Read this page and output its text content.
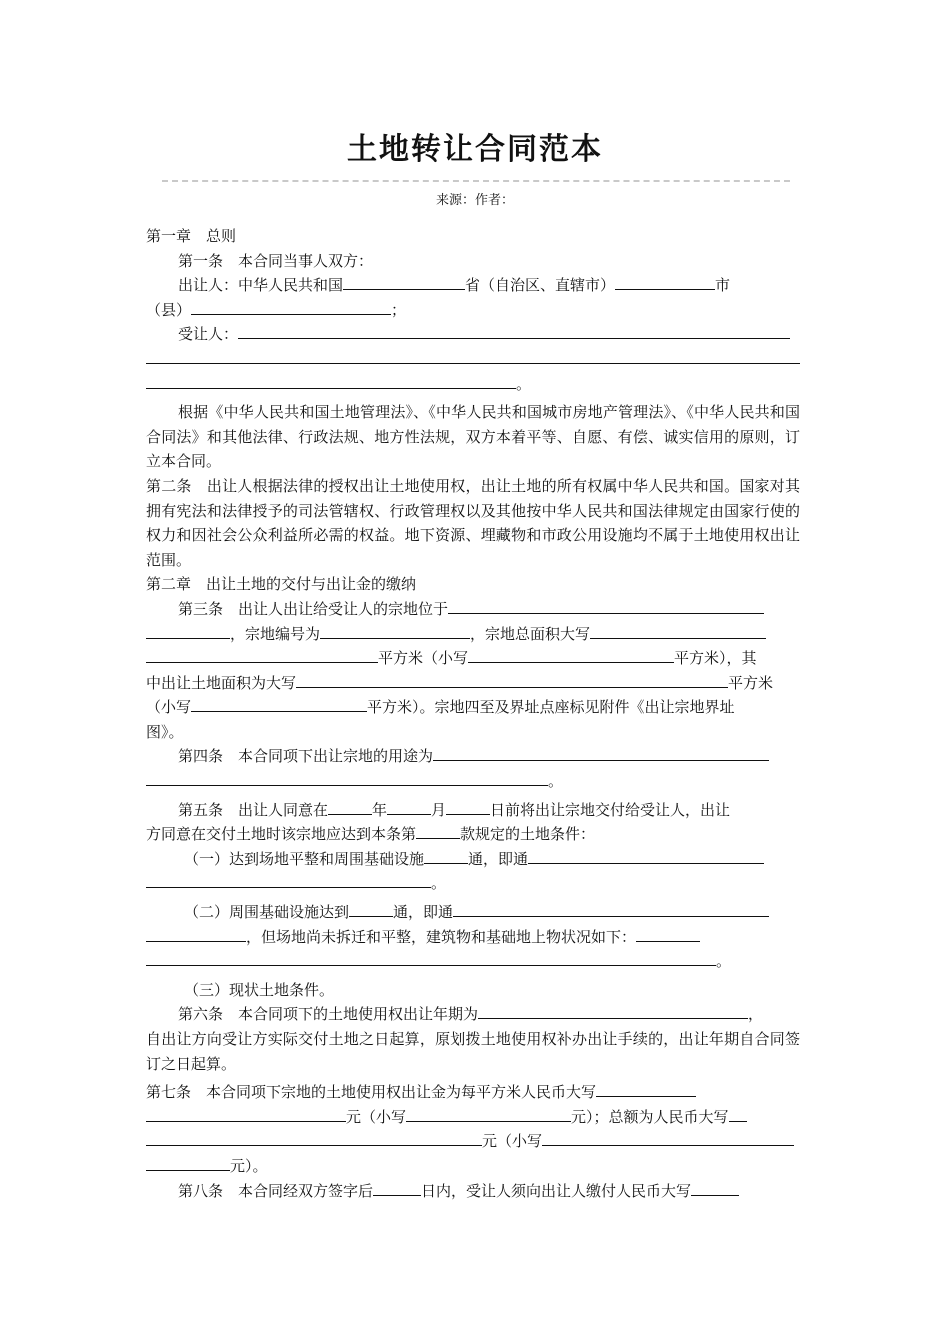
土地转让合同范本
来源：作者：

第一章　总则

第一条　本合同当事人双方：

出让人：中华人民共和国	省（自治区、直辖市）	市
（县）	；

受让人：

。

根据《中华人民共和国土地管理法》、《中华人民共和国城市房地产管理法》、《中华人民共和国合同法》和其他法律、行政法规、地方性法规，双方本着平等、自愿、有偿、诚实信用的原则，订立本合同。

第二条　出让人根据法律的授权出让土地使用权，出让土地的所有权属中华人民共和国。国家对其拥有宪法和法律授予的司法管辖权、行政管理权以及其他按中华人民共和国法律规定由国家行使的权力和因社会公众利益所必需的权益。地下资源、埋藏物和市政公用设施均不属于土地使用权出让范围。

第二章　出让土地的交付与出让金的缴纳

第三条　出让人出让给受让人的宗地位于
，宗地编号为	，宗地总面积大写
平方米（小写	平方米），其
中出让土地面积为大写	平方米
（小写	平方米）。宗地四至及界址点座标见附件《出让宗地界址
图》。

第四条　本合同项下出让宗地的用途为
。

第五条　出让人同意在	年	月	日前将出让宗地交付给受让人，出让
方同意在交付土地时该宗地应达到本条第	款规定的土地条件：

（一）达到场地平整和周围基础设施	通，即通

。

（二）周围基础设施达到	通，即通

，但场地尚未拆迁和平整，建筑物和基础地上物状况如下：
。

（三）现状土地条件。

第六条　本合同项下的土地使用权出让年期为	，
自出让方向受让方实际交付土地之日起算，原划拨土地使用权补办出让手续的，出让年期自合同签订之日起算。

第七条　本合同项下宗地的土地使用权出让金为每平方米人民币大写
元（小写	元）；总额为人民币大写
元（小写
元）。

第八条　本合同经双方签字后	日内，受让人须向出让人缴付人民币大写
